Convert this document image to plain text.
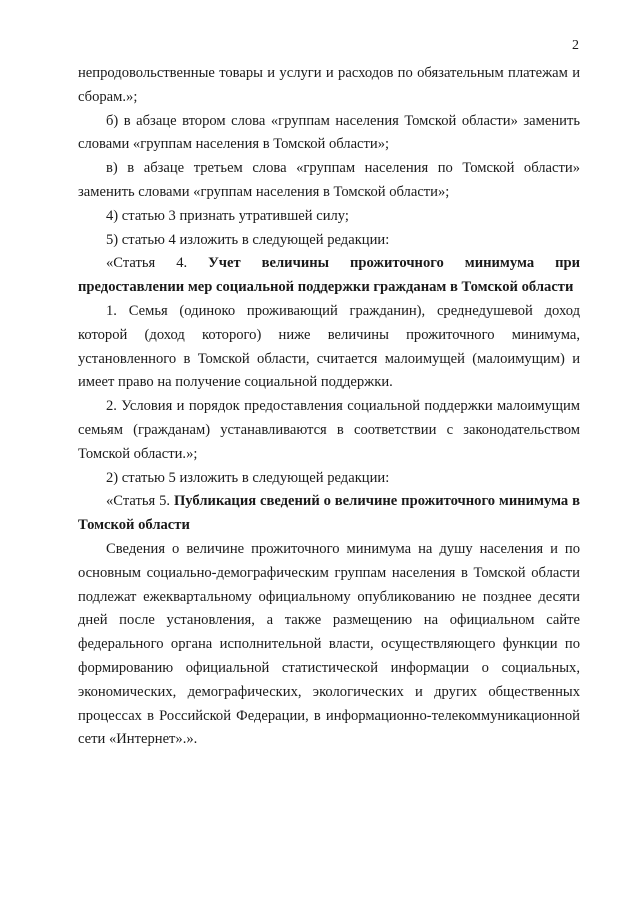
2

непродовольственные товары и услуги и расходов по обязательным платежам и сборам.»;

б) в абзаце втором слова «группам населения Томской области» заменить словами «группам населения в Томской области»;

в) в абзаце третьем слова «группам населения по Томской области» заменить словами «группам населения в Томской области»;

4) статью 3 признать утратившей силу;

5) статью 4 изложить в следующей редакции:

«Статья 4. Учет величины прожиточного минимума при предоставлении мер социальной поддержки гражданам в Томской области

1. Семья (одиноко проживающий гражданин), среднедушевой доход которой (доход которого) ниже величины прожиточного минимума, установленного в Томской области, считается малоимущей (малоимущим) и имеет право на получение социальной поддержки.

2. Условия и порядок предоставления социальной поддержки малоимущим семьям (гражданам) устанавливаются в соответствии с законодательством Томской области.»;

2) статью 5 изложить в следующей редакции:

«Статья 5. Публикация сведений о величине прожиточного минимума в Томской области

Сведения о величине прожиточного минимума на душу населения и по основным социально-демографическим группам населения в Томской области подлежат ежеквартальному официальному опубликованию не позднее десяти дней после установления, а также размещению на официальном сайте федерального органа исполнительной власти, осуществляющего функции по формированию официальной статистической информации о социальных, экономических, демографических, экологических и других общественных процессах в Российской Федерации, в информационно-телекоммуникационной сети «Интернет».».
